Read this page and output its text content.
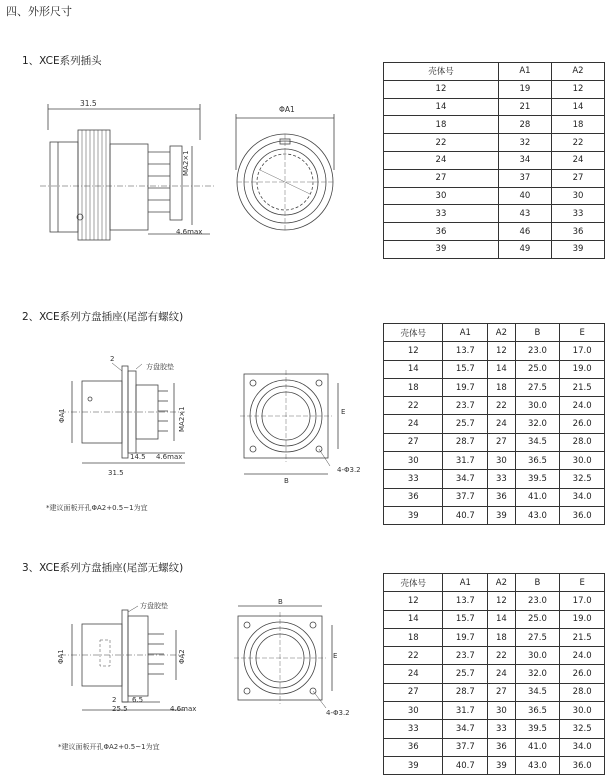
四、外形尺寸
1、XCE系列插头
31.5
MA2×1
4.6max
ΦA1
壳体号	A1	A2
12	19	12
14	21	14
18	28	18
22	32	22
24	34	24
27	37	27
30	40	30
33	43	33
36	46	36
39	49	39
2、XCE系列方盘插座(尾部有螺纹)
2
方盘胶垫
ΦA1	MA2×1
14.5 4.6max
31.5
*建议面板开孔ΦA2+0.5~1为宜
B
E
4-Φ3.2
壳体号	A1	A2	B	E
12	13.7	12	23.0	17.0
14	15.7	14	25.0	19.0
18	19.7	18	27.5	21.5
22	23.7	22	30.0	24.0
24	25.7	24	32.0	26.0
27	28.7	27	34.5	28.0
30	31.7	30	36.5	30.0
33	34.7	33	39.5	32.5
36	37.7	36	41.0	34.0
39	40.7	39	43.0	36.0
3、XCE系列方盘插座(尾部无螺纹)
方盘胶垫
ΦA1	ΦA2
2 6.5
25.5	4.6max
*建议面板开孔ΦA2+0.5~1为宜
B
E
4-Φ3.2
壳体号	A1	A2	B	E
12	13.7	12	23.0	17.0
14	15.7	14	25.0	19.0
18	19.7	18	27.5	21.5
22	23.7	22	30.0	24.0
24	25.7	24	32.0	26.0
27	28.7	27	34.5	28.0
30	31.7	30	36.5	30.0
33	34.7	33	39.5	32.5
36	37.7	36	41.0	34.0
39	40.7	39	43.0	36.0
